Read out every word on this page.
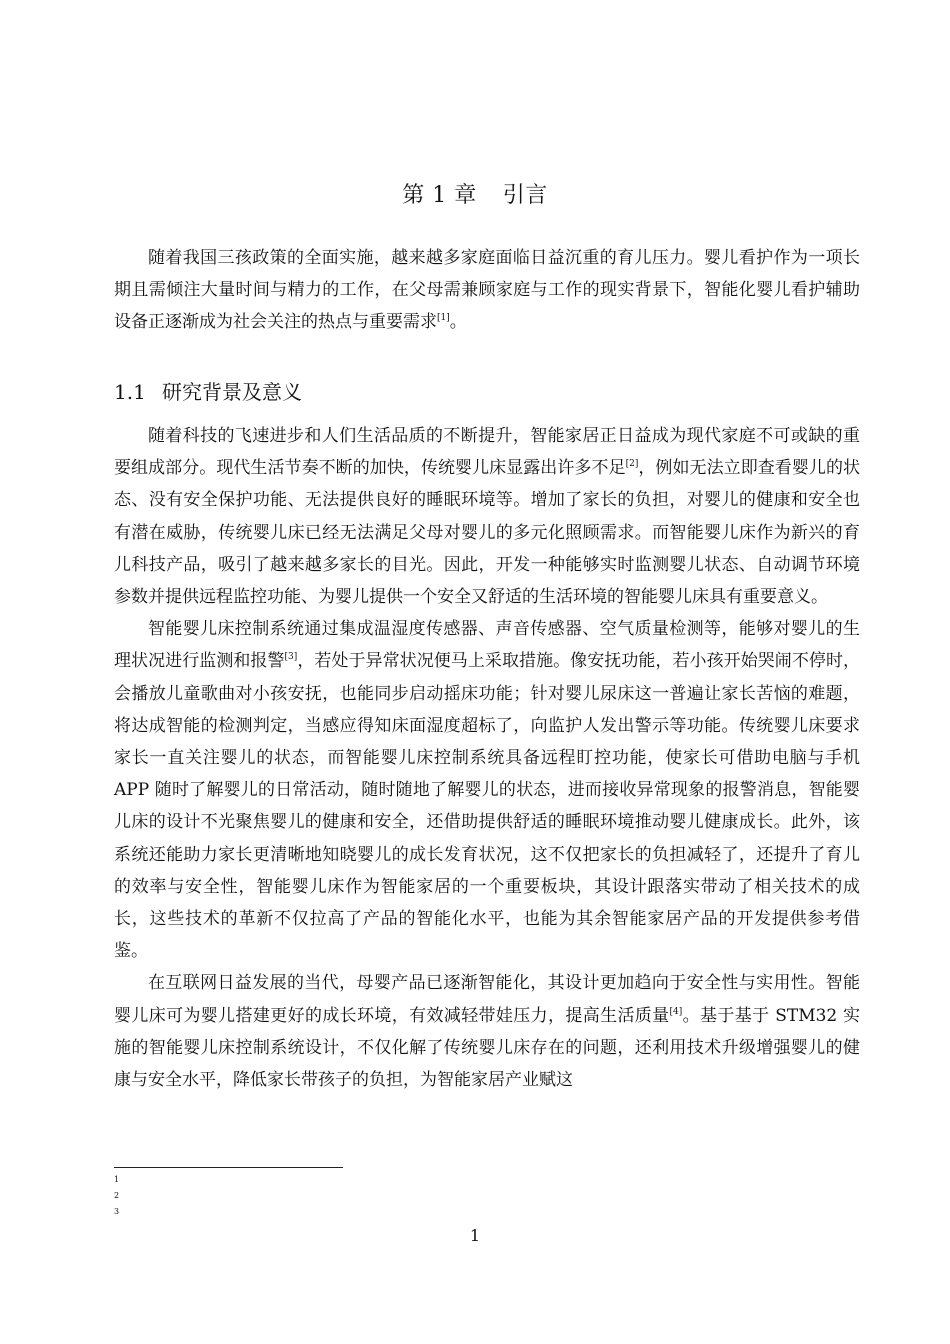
第 1 章 引言

随着我国三孩政策的全面实施，越来越多家庭面临日益沉重的育儿压力。婴儿看护作为一项长期且需倾注大量时间与精力的工作，在父母需兼顾家庭与工作的现实背景下，智能化婴儿看护辅助设备正逐渐成为社会关注的热点与重要需求[1]。

1.1 研究背景及意义

随着科技的飞速进步和人们生活品质的不断提升，智能家居正日益成为现代家庭不可或缺的重要组成部分。现代生活节奏不断的加快，传统婴儿床显露出许多不足[2]，例如无法立即查看婴儿的状态、没有安全保护功能、无法提供良好的睡眠环境等。增加了家长的负担，对婴儿的健康和安全也有潜在威胁，传统婴儿床已经无法满足父母对婴儿的多元化照顾需求。而智能婴儿床作为新兴的育儿科技产品，吸引了越来越多家长的目光。因此，开发一种能够实时监测婴儿状态、自动调节环境参数并提供远程监控功能、为婴儿提供一个安全又舒适的生活环境的智能婴儿床具有重要意义。

智能婴儿床控制系统通过集成温湿度传感器、声音传感器、空气质量检测等，能够对婴儿的生理状况进行监测和报警[3]，若处于异常状况便马上采取措施。像安抚功能，若小孩开始哭闹不停时，会播放儿童歌曲对小孩安抚，也能同步启动摇床功能；针对婴儿尿床这一普遍让家长苦恼的难题，将达成智能的检测判定，当感应得知床面湿度超标了，向监护人发出警示等功能。传统婴儿床要求家长一直关注婴儿的状态，而智能婴儿床控制系统具备远程盯控功能，使家长可借助电脑与手机 APP 随时了解婴儿的日常活动，随时随地了解婴儿的状态，进而接收异常现象的报警消息，智能婴儿床的设计不光聚焦婴儿的健康和安全，还借助提供舒适的睡眠环境推动婴儿健康成长。此外，该系统还能助力家长更清晰地知晓婴儿的成长发育状况，这不仅把家长的负担减轻了，还提升了育儿的效率与安全性，智能婴儿床作为智能家居的一个重要板块，其设计跟落实带动了相关技术的成长，这些技术的革新不仅拉高了产品的智能化水平，也能为其余智能家居产品的开发提供参考借鉴。

在互联网日益发展的当代，母婴产品已逐渐智能化，其设计更加趋向于安全性与实用性。智能婴儿床可为婴儿搭建更好的成长环境，有效减轻带娃压力，提高生活质量[4]。基于基于 STM32 实施的智能婴儿床控制系统设计，不仅化解了传统婴儿床存在的问题，还利用技术升级增强婴儿的健康与安全水平，降低家长带孩子的负担，为智能家居产业赋这

1
2
3
1
